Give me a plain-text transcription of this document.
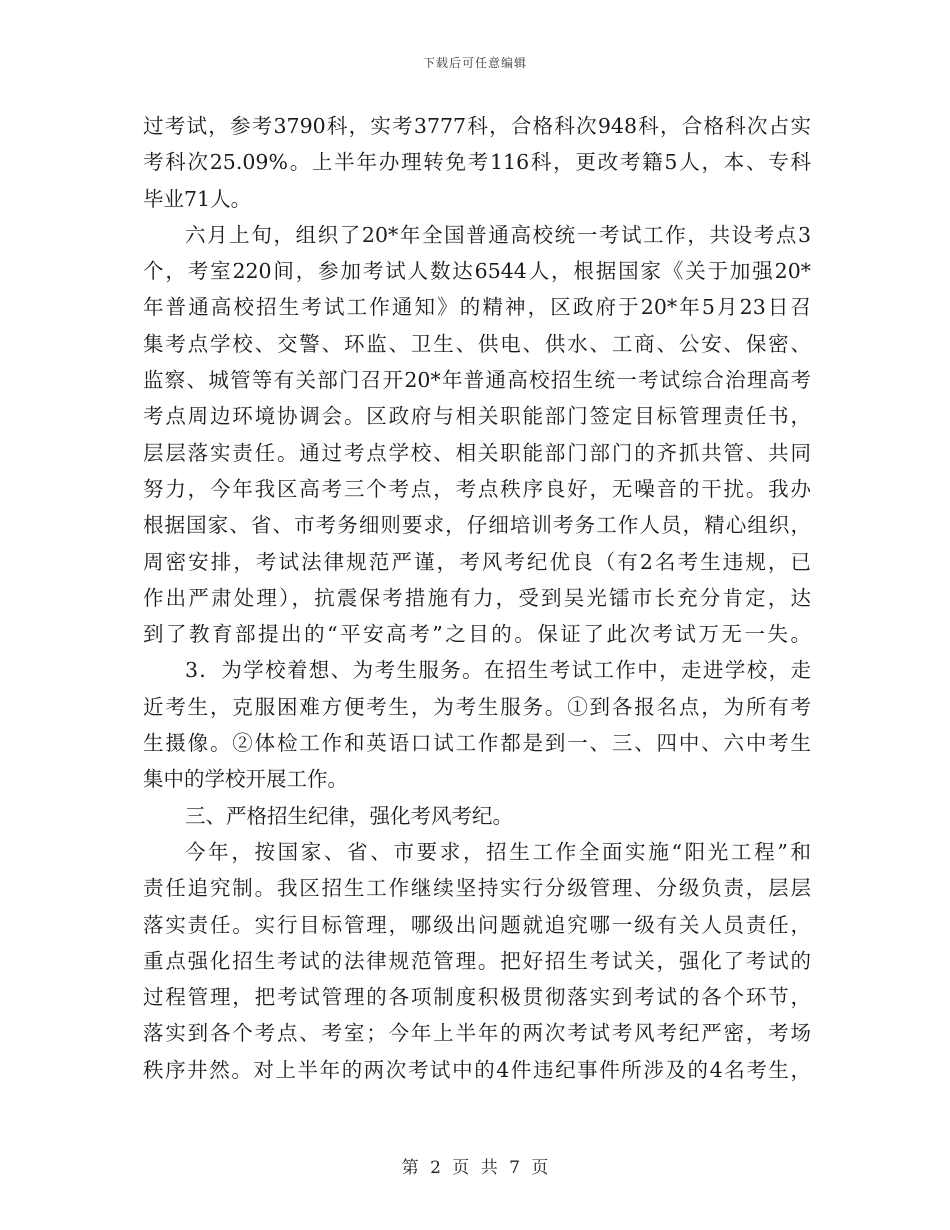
下载后可任意编辑
过考试，参考3790科，实考3777科，合格科次948科，合格科次占实
考科次25.09%。上半年办理转免考116科，更改考籍5人，本、专科
毕业71人。
六月上旬，组织了20*年全国普通高校统一考试工作，共设考点3
个，考室220间，参加考试人数达6544人，根据国家《关于加强20*
年普通高校招生考试工作通知》的精神，区政府于20*年5月23日召
集考点学校、交警、环监、卫生、供电、供水、工商、公安、保密、
监察、城管等有关部门召开20*年普通高校招生统一考试综合治理高考
考点周边环境协调会。区政府与相关职能部门签定目标管理责任书，
层层落实责任。通过考点学校、相关职能部门部门的齐抓共管、共同
努力，今年我区高考三个考点，考点秩序良好，无噪音的干扰。我办
根据国家、省、市考务细则要求，仔细培训考务工作人员，精心组织，
周密安排，考试法律规范严谨，考风考纪优良（有2名考生违规，已
作出严肃处理），抗震保考措施有力，受到吴光镭市长充分肯定，达
到了教育部提出的“平安高考”之目的。保证了此次考试万无一失。
3．为学校着想、为考生服务。在招生考试工作中，走进学校，走
近考生，克服困难方便考生，为考生服务。①到各报名点，为所有考
生摄像。②体检工作和英语口试工作都是到一、三、四中、六中考生
集中的学校开展工作。
三、严格招生纪律，强化考风考纪。
今年，按国家、省、市要求，招生工作全面实施“阳光工程”和
责任追究制。我区招生工作继续坚持实行分级管理、分级负责，层层
落实责任。实行目标管理，哪级出问题就追究哪一级有关人员责任，
重点强化招生考试的法律规范管理。把好招生考试关，强化了考试的
过程管理，把考试管理的各项制度积极贯彻落实到考试的各个环节，
落实到各个考点、考室；今年上半年的两次考试考风考纪严密，考场
秩序井然。对上半年的两次考试中的4件违纪事件所涉及的4名考生，
第 2 页 共 7 页
